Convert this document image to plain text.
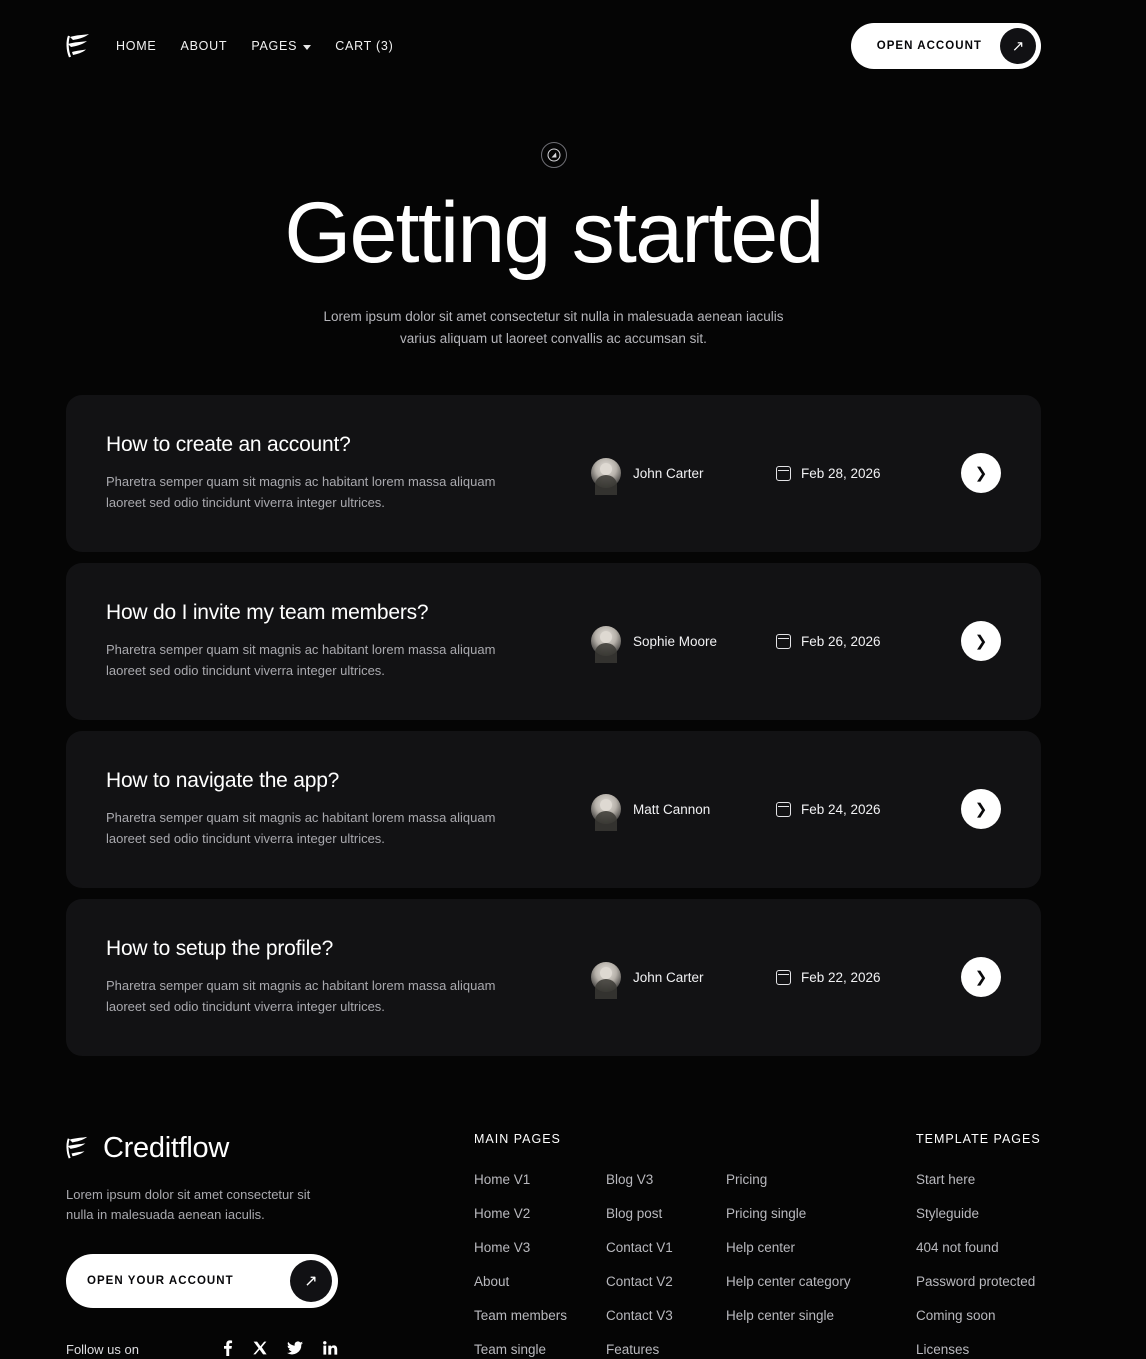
HOME ABOUT PAGES	CART (3)	OPEN ACCOUNT	↗
Getting started
Lorem ipsum dolor sit amet consectetur sit nulla in malesuada aenean iaculis varius aliquam ut laoreet convallis ac accumsan sit.
How to create an account?
Pharetra semper quam sit magnis ac habitant lorem massa aliquam laoreet sed odio tincidunt viverra integer ultrices.
John Carter	Feb 28, 2026	❯
How do I invite my team members?
Pharetra semper quam sit magnis ac habitant lorem massa aliquam laoreet sed odio tincidunt viverra integer ultrices.
Sophie Moore	Feb 26, 2026	❯
How to navigate the app?
Pharetra semper quam sit magnis ac habitant lorem massa aliquam laoreet sed odio tincidunt viverra integer ultrices.
Matt Cannon	Feb 24, 2026	❯
How to setup the profile?
Pharetra semper quam sit magnis ac habitant lorem massa aliquam laoreet sed odio tincidunt viverra integer ultrices.
John Carter	Feb 22, 2026	❯
Creditflow
Lorem ipsum dolor sit amet consectetur sit nulla in malesuada aenean iaculis.
OPEN YOUR ACCOUNT	↗
Follow us on
MAIN PAGES
Home V1
Home V2
Home V3
About
Team members
Team single
Blog V3
Blog post
Contact V1
Contact V2
Contact V3
Features
Pricing
Pricing single
Help center
Help center category
Help center single
TEMPLATE PAGES
Start here
Styleguide
404 not found
Password protected
Coming soon
Licenses
